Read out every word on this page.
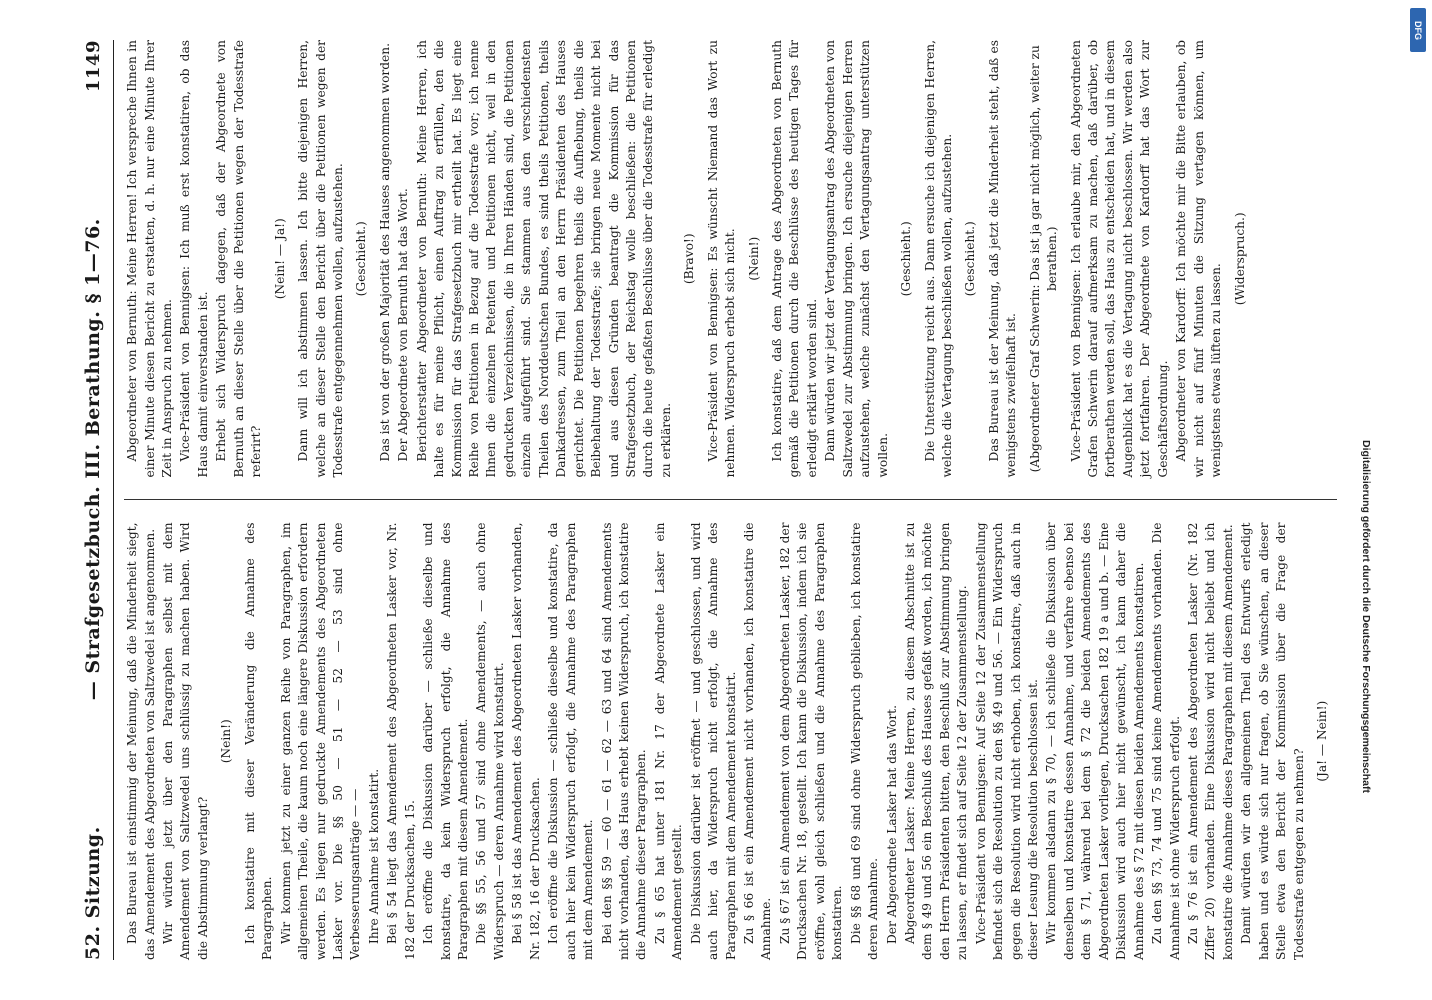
52. Sitzung.
— Strafgesetzbuch. III. Berathung. § 1—76.
1149

Das Bureau ist einstimmig der Meinung, daß die Minderheit siegt, das Amendement des Abgeordneten von Saltzwedel ist angenommen. Wir würden jetzt über den Paragraphen selbst mit dem Amendement von Saltzwedel uns schlüssig zu machen haben. Wird die Abstimmung verlangt?

(Nein!) Ich konstatire mit dieser Veränderung die Annahme des Paragraphen. Wir kommen jetzt zu einer ganzen Reihe von Paragraphen, im allgemeinen Theile, die kaum noch eine längere Diskussion erfordern werden. Es liegen nur gedruckte Amendements des Abgeordneten Lasker vor. Die §§ 50 — 51 — 52 — 53 sind ohne Verbesserungsanträge — — Ihre Annahme ist konstatirt. Bei § 54 liegt das Amendement des Abgeordneten Lasker vor, Nr. 182 der Drucksachen, 15. Ich eröffne die Diskussion darüber — schließe dieselbe und konstatire, da kein Widerspruch erfolgt, die Annahme des Paragraphen mit diesem Amendement. Die §§ 55, 56 und 57 sind ohne Amendements, — auch ohne Widerspruch — deren Annahme wird konstatirt. Bei § 58 ist das Amendement des Abgeordneten Lasker vorhanden, Nr. 182, 16 der Drucksachen. Ich eröffne die Diskussion — schließe dieselbe und konstatire, da auch hier kein Widerspruch erfolgt, die Annahme des Paragraphen mit dem Amendement. Bei den §§ 59 — 60 — 61 — 62 — 63 und 64 sind Amendements nicht vorhanden, das Haus erhebt keinen Widerspruch, ich konstatire die Annahme dieser Paragraphen. Zu § 65 hat unter 181 Nr. 17 der Abgeordnete Lasker ein Amendement gestellt. Die Diskussion darüber ist eröffnet — und geschlossen, und wird auch hier, da Widerspruch nicht erfolgt, die Annahme des Paragraphen mit dem Amendement konstatirt. Zu § 66 ist ein Amendement nicht vorhanden, ich konstatire die Annahme. Zu § 67 ist ein Amendement von dem Abgeordneten Lasker, 182 der Drucksachen Nr. 18, gestellt. Ich kann die Diskussion, indem ich sie eröffne, wohl gleich schließen und die Annahme des Paragraphen konstatiren. Die §§ 68 und 69 sind ohne Widerspruch geblieben, ich konstatire deren Annahme. Der Abgeordnete Lasker hat das Wort. Abgeordneter Lasker: Meine Herren, zu diesem Abschnitte ist zu dem § 49 und 56 ein Beschluß des Hauses gefaßt worden, ich möchte den Herrn Präsidenten bitten, den Beschluß zur Abstimmung bringen zu lassen, er findet sich auf Seite 12 der Zusammenstellung. Vice-Präsident von Bennigsen: Auf Seite 12 der Zusammenstellung befindet sich die Resolution zu den §§ 49 und 56. — Ein Widerspruch gegen die Resolution wird nicht erhoben, ich konstatire, daß auch in dieser Lesung die Resolution beschlossen ist. Wir kommen alsdann zu § 70, — ich schließe die Diskussion über denselben und konstatire dessen Annahme, und verfahre ebenso bei dem § 71, während bei dem § 72 die beiden Amendements des Abgeordneten Lasker vorliegen, Drucksachen 182 19 a und b. — Eine Diskussion wird auch hier nicht gewünscht, ich kann daher die Annahme des § 72 mit diesen beiden Amendements konstatiren. Zu den §§ 73, 74 und 75 sind keine Amendements vorhanden. Die Annahme ist ohne Widerspruch erfolgt. Zu § 76 ist ein Amendement des Abgeordneten Lasker (Nr. 182 Ziffer 20) vorhanden. Eine Diskussion wird nicht beliebt und ich konstatire die Annahme dieses Paragraphen mit diesem Amendement. Damit würden wir den allgemeinen Theil des Entwurfs erledigt haben und es würde sich nur fragen, ob Sie wünschen, an dieser Stelle etwa den Bericht der Kommission über die Frage der Todesstrafe entgegen zu nehmen?

(Ja! — Nein!)

Abgeordneter von Bernuth: Meine Herren! Ich verspreche Ihnen in einer Minute diesen Bericht zu erstatten, d. h. nur eine Minute Ihrer Zeit in Anspruch zu nehmen. Vice-Präsident von Bennigsen: Ich muß erst konstatiren, ob das Haus damit einverstanden ist. Erhebt sich Widerspruch dagegen, daß der Abgeordnete von Bernuth an dieser Stelle über die Petitionen wegen der Todesstrafe referirt?

(Nein! — Ja!) Dann will ich abstimmen lassen. Ich bitte diejenigen Herren, welche an dieser Stelle den Bericht über die Petitionen wegen der Todesstrafe entgegennehmen wollen, aufzustehen. (Geschieht.) Das ist von der großen Majorität des Hauses angenommen worden. Der Abgeordnete von Bernuth hat das Wort. Berichterstatter Abgeordneter von Bernuth: Meine Herren, ich halte es für meine Pflicht, einen Auftrag zu erfüllen, den die Kommission für das Strafgesetzbuch mir ertheilt hat. Es liegt eine Reihe von Petitionen in Bezug auf die Todesstrafe vor; ich nenne Ihnen die einzelnen Petenten und Petitionen nicht, weil in den gedruckten Verzeichnissen, die in Ihren Händen sind, die Petitionen einzeln aufgeführt sind. Sie stammen aus den verschiedensten Theilen des Norddeutschen Bundes, es sind theils Petitionen, theils Dankadressen, zum Theil an den Herrn Präsidenten des Hauses gerichtet. Die Petitionen begehren theils die Aufhebung, theils die Beibehaltung der Todesstrafe; sie bringen neue Momente nicht bei und aus diesen Gründen beantragt die Kommission für das Strafgesetzbuch, der Reichstag wolle beschließen: die Petitionen durch die heute gefaßten Beschlüsse über die Todesstrafe für erledigt zu erklären.

(Bravo!) Vice-Präsident von Bennigsen: Es wünscht Niemand das Wort zu nehmen. Widerspruch erhebt sich nicht. (Nein!) Ich konstatire, daß dem Antrage des Abgeordneten von Bernuth gemäß die Petitionen durch die Beschlüsse des heutigen Tages für erledigt erklärt worden sind. Dann würden wir jetzt der Vertagungsantrag des Abgeordneten von Saltzwedel zur Abstimmung bringen. Ich ersuche diejenigen Herren aufzustehen, welche zunächst den Vertagungsantrag unterstützen wollen.

(Geschieht.) Die Unterstützung reicht aus. Dann ersuche ich diejenigen Herren, welche die Vertagung beschließen wollen, aufzustehen. (Geschieht.) Das Bureau ist der Meinung, daß jetzt die Minderheit steht, daß es wenigstens zweifelhaft ist. (Abgeordneter Graf Schwerin: Das ist ja gar nicht möglich, weiter zu berathen.) Vice-Präsident von Bennigsen: Ich erlaube mir, den Abgeordneten Grafen Schwerin darauf aufmerksam zu machen, daß darüber, ob fortberathen werden soll, das Haus zu entscheiden hat, und in diesem Augenblick hat es die Vertagung nicht beschlossen. Wir werden also jetzt fortfahren. Der Abgeordnete von Kardorff hat das Wort zur Geschäftsordnung. Abgeordneter von Kardorff: Ich möchte mir die Bitte erlauben, ob wir nicht auf fünf Minuten die Sitzung vertagen können, um wenigstens etwas lüften zu lassen.

(Widerspruch.)

Digitalisierung gefördert durch die Deutsche Forschungsgemeinschaft
DFG
